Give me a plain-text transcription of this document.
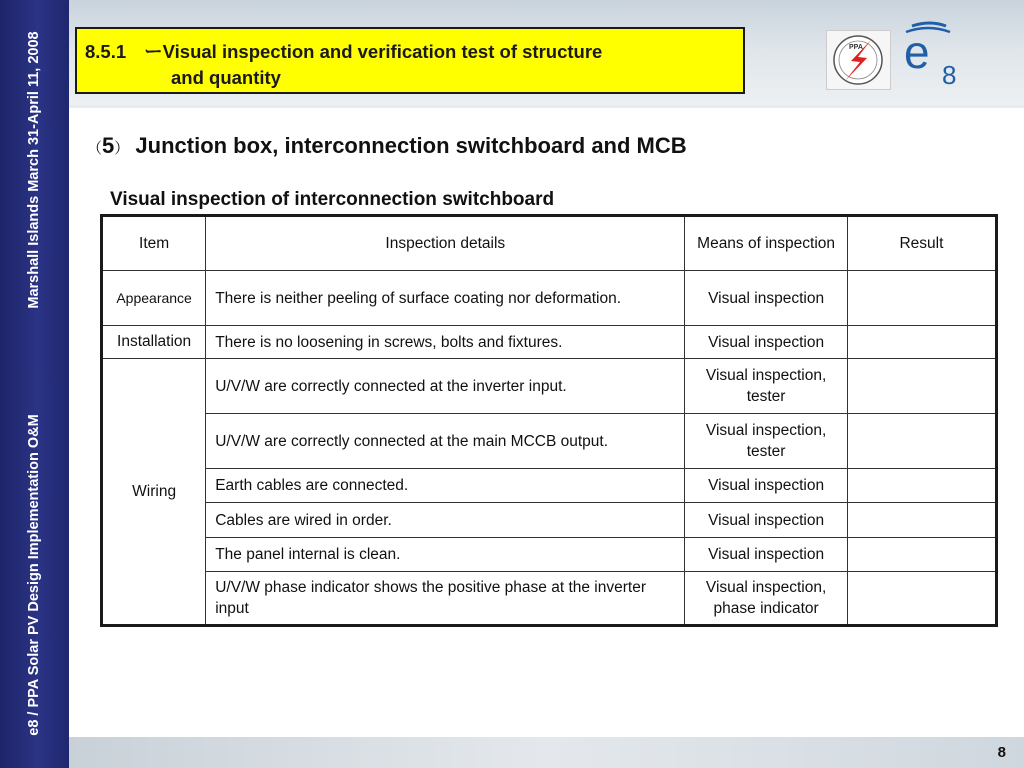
Marshall Islands March 31-April 11, 2008
e8 / PPA Solar PV Design Implementation O&M
8.5.1 ーVisual inspection and verification test of structure
and quantity
PPA e 8
（5） Junction box, interconnection switchboard and MCB
Visual inspection of interconnection switchboard
Item	Inspection details	Means of inspection	Result
Appearance	There is neither peeling of surface coating nor deformation.	Visual inspection	
Installation	There is no loosening in screws, bolts and fixtures.	Visual inspection	
Wiring	U/V/W are correctly connected at the inverter input.	Visual inspection, tester	
	U/V/W are correctly connected at the main MCCB output.	Visual inspection, tester	
	Earth cables are connected.	Visual inspection	
	Cables are wired in order.	Visual inspection	
	The panel internal is clean.	Visual inspection	
	U/V/W phase indicator shows the positive phase at the inverter input	Visual inspection, phase indicator	
8
